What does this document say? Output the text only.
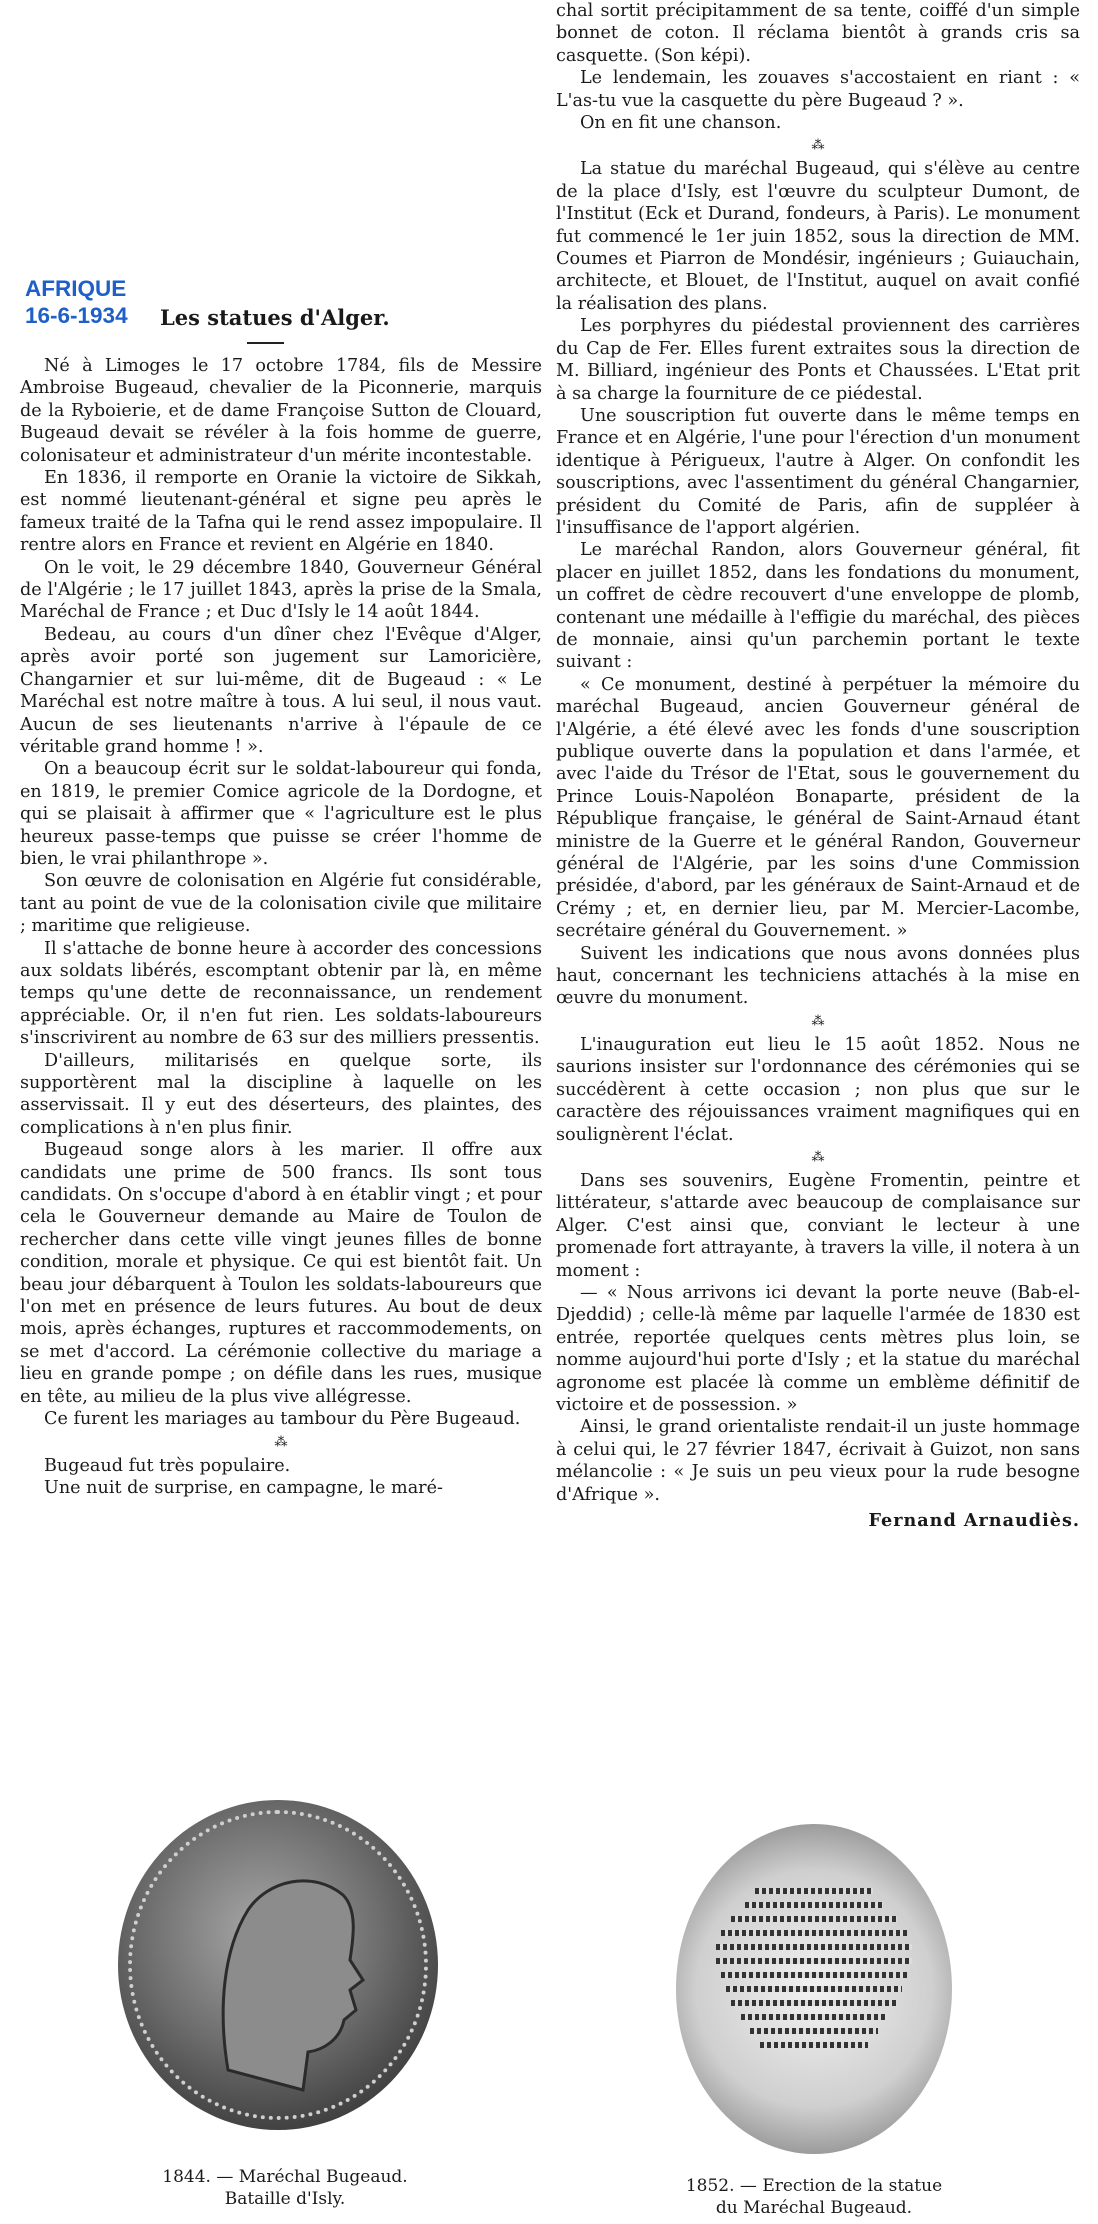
AFRIQUE
16-6-1934 Les statues d'Alger.

Né à Limoges le 17 octobre 1784, fils de Messire Ambroise Bugeaud, chevalier de la Piconnerie, marquis de la Ryboierie, et de dame Françoise Sutton de Clouard, Bugeaud devait se révéler à la fois homme de guerre, colonisateur et administrateur d'un mérite incontestable.

En 1836, il remporte en Oranie la victoire de Sikkah, est nommé lieutenant-général et signe peu après le fameux traité de la Tafna qui le rend assez impopulaire. Il rentre alors en France et revient en Algérie en 1840.

On le voit, le 29 décembre 1840, Gouverneur Général de l'Algérie ; le 17 juillet 1843, après la prise de la Smala, Maréchal de France ; et Duc d'Isly le 14 août 1844.

Bedeau, au cours d'un dîner chez l'Evêque d'Alger, après avoir porté son jugement sur Lamoricière, Changarnier et sur lui-même, dit de Bugeaud : « Le Maréchal est notre maître à tous. A lui seul, il nous vaut. Aucun de ses lieutenants n'arrive à l'épaule de ce véritable grand homme ! ».

On a beaucoup écrit sur le soldat-laboureur qui fonda, en 1819, le premier Comice agricole de la Dordogne, et qui se plaisait à affirmer que « l'agriculture est le plus heureux passe-temps que puisse se créer l'homme de bien, le vrai philanthrope ».

Son œuvre de colonisation en Algérie fut considérable, tant au point de vue de la colonisation civile que militaire ; maritime que religieuse.

Il s'attache de bonne heure à accorder des concessions aux soldats libérés, escomptant obtenir par là, en même temps qu'une dette de reconnaissance, un rendement appréciable. Or, il n'en fut rien. Les soldats-laboureurs s'inscrivirent au nombre de 63 sur des milliers pressentis.

D'ailleurs, militarisés en quelque sorte, ils supportèrent mal la discipline à laquelle on les asservissait. Il y eut des déserteurs, des plaintes, des complications à n'en plus finir.

Bugeaud songe alors à les marier. Il offre aux candidats une prime de 500 francs. Ils sont tous candidats. On s'occupe d'abord à en établir vingt ; et pour cela le Gouverneur demande au Maire de Toulon de rechercher dans cette ville vingt jeunes filles de bonne condition, morale et physique. Ce qui est bientôt fait. Un beau jour débarquent à Toulon les soldats-laboureurs que l'on met en présence de leurs futures. Au bout de deux mois, après échanges, ruptures et raccommodements, on se met d'accord. La cérémonie collective du mariage a lieu en grande pompe ; on défile dans les rues, musique en tête, au milieu de la plus vive allégresse.

Ce furent les mariages au tambour du Père Bugeaud.

⁂

Bugeaud fut très populaire.

Une nuit de surprise, en campagne, le maré-

chal sortit précipitamment de sa tente, coiffé d'un simple bonnet de coton. Il réclama bientôt à grands cris sa casquette. (Son képi).

Le lendemain, les zouaves s'accostaient en riant : « L'as-tu vue la casquette du père Bugeaud ? ».

On en fit une chanson.

⁂

La statue du maréchal Bugeaud, qui s'élève au centre de la place d'Isly, est l'œuvre du sculpteur Dumont, de l'Institut (Eck et Durand, fondeurs, à Paris). Le monument fut commencé le 1er juin 1852, sous la direction de MM. Coumes et Piarron de Mondésir, ingénieurs ; Guiauchain, architecte, et Blouet, de l'Institut, auquel on avait confié la réalisation des plans.

Les porphyres du piédestal proviennent des carrières du Cap de Fer. Elles furent extraites sous la direction de M. Billiard, ingénieur des Ponts et Chaussées. L'Etat prit à sa charge la fourniture de ce piédestal.

Une souscription fut ouverte dans le même temps en France et en Algérie, l'une pour l'érection d'un monument identique à Périgueux, l'autre à Alger. On confondit les souscriptions, avec l'assentiment du général Changarnier, président du Comité de Paris, afin de suppléer à l'insuffisance de l'apport algérien.

Le maréchal Randon, alors Gouverneur général, fit placer en juillet 1852, dans les fondations du monument, un coffret de cèdre recouvert d'une enveloppe de plomb, contenant une médaille à l'effigie du maréchal, des pièces de monnaie, ainsi qu'un parchemin portant le texte suivant :

« Ce monument, destiné à perpétuer la mémoire du maréchal Bugeaud, ancien Gouverneur général de l'Algérie, a été élevé avec les fonds d'une souscription publique ouverte dans la population et dans l'armée, et avec l'aide du Trésor de l'Etat, sous le gouvernement du Prince Louis-Napoléon Bonaparte, président de la République française, le général de Saint-Arnaud étant ministre de la Guerre et le général Randon, Gouverneur général de l'Algérie, par les soins d'une Commission présidée, d'abord, par les généraux de Saint-Arnaud et de Crémy ; et, en dernier lieu, par M. Mercier-Lacombe, secrétaire général du Gouvernement. »

Suivent les indications que nous avons données plus haut, concernant les techniciens attachés à la mise en œuvre du monument.

⁂

L'inauguration eut lieu le 15 août 1852. Nous ne saurions insister sur l'ordonnance des cérémonies qui se succédèrent à cette occasion ; non plus que sur le caractère des réjouissances vraiment magnifiques qui en soulignèrent l'éclat.

⁂

Dans ses souvenirs, Eugène Fromentin, peintre et littérateur, s'attarde avec beaucoup de complaisance sur Alger. C'est ainsi que, conviant le lecteur à une promenade fort attrayante, à travers la ville, il notera à un moment :

— « Nous arrivons ici devant la porte neuve (Bab-el-Djeddid) ; celle-là même par laquelle l'armée de 1830 est entrée, reportée quelques cents mètres plus loin, se nomme aujourd'hui porte d'Isly ; et la statue du maréchal agronome est placée là comme un emblème définitif de victoire et de possession. »

Ainsi, le grand orientaliste rendait-il un juste hommage à celui qui, le 27 février 1847, écrivait à Guizot, non sans mélancolie : « Je suis un peu vieux pour la rude besogne d'Afrique ».

Fernand Arnaudiès.
1844. — Maréchal Bugeaud.
Bataille d'Isly.
1852. — Erection de la statue
du Maréchal Bugeaud.
